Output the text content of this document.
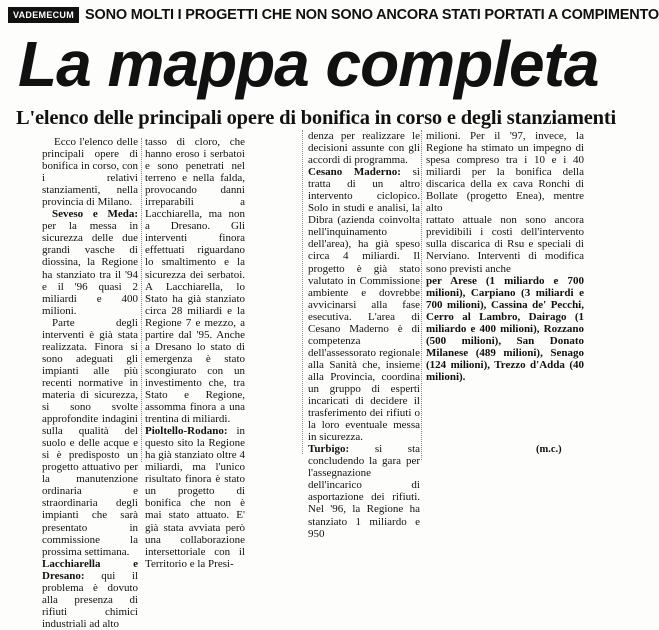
VADEMECUM SONO MOLTI I PROGETTI CHE NON SONO ANCORA STATI PORTATI A COMPIMENTO
La mappa completa
L'elenco delle principali opere di bonifica in corso e degli stanziamenti

Ecco l'elenco delle principali opere di bonifica in corso, con i relativi stanziamenti, nella provincia di Milano.

Seveso e Meda: per la messa in sicurezza delle due grandi vasche di diossina, la Regione ha stanziato tra il '94 e il '96 quasi 2 miliardi e 400 milioni.

Parte degli interventi è già stata realizzata. Finora si sono adeguati gli impianti alle più recenti normative in materia di sicurezza, si sono svolte approfondite indagini sulla qualità del suolo e delle acque e si è predisposto un progetto attuativo per la manutenzione ordinaria e straordinaria degli impianti che sarà presentato in commissione la prossima settimana.

Lacchiarella e Dresano: qui il problema è dovuto alla presenza di rifiuti chimici industriali ad alto

tasso di cloro, che hanno eroso i serbatoi e sono penetrati nel terreno e nella falda, provocando danni irreparabili a Lacchiarella, ma non a Dresano. Gli interventi finora effettuati riguardano lo smaltimento e la sicurezza dei serbatoi. A Lacchiarella, lo Stato ha già stanziato circa 28 miliardi e la Regione 7 e mezzo, a partire dal '95. Anche a Dresano lo stato di emergenza è stato scongiurato con un investimento che, tra Stato e Regione, assomma finora a una trentina di miliardi.

Pioltello-Rodano: in questo sito la Regione ha già stanziato oltre 4 miliardi, ma l'unico risultato finora è stato un progetto di bonifica che non è mai stato attuato. E' già stata avviata però una collaborazione intersettoriale con il Territorio e la Presi-

denza per realizzare le decisioni assunte con gli accordi di programma.

Cesano Maderno: si tratta di un altro intervento ciclopico. Solo in studi e analisi, la Dibra (azienda coinvolta nell'inquinamento dell'area), ha già speso circa 4 miliardi. Il progetto è già stato valutato in Commissione ambiente e dovrebbe avvicinarsi alla fase esecutiva. L'area di Cesano Maderno è di competenza dell'assessorato regionale alla Sanità che, insieme alla Provincia, coordina un gruppo di esperti incaricati di decidere il trasferimento dei rifiuti o la loro eventuale messa in sicurezza.

Turbigo: si sta concludendo la gara per l'assegnazione dell'incarico di asportazione dei rifiuti. Nel '96, la Regione ha stanziato 1 miliardo e 950

milioni. Per il '97, invece, la Regione ha stimato un impegno di spesa compreso tra i 10 e i 40 miliardi per la bonifica della discarica della ex cava Ronchi di Bollate (progetto Enea), mentre alto

rattato attuale non sono ancora previdibili i costi dell'intervento sulla discarica di Rsu e speciali di Nerviano. Interventi di modifica sono previsti anche

per Arese (1 miliardo e 700 milioni), Carpiano (3 miliardi e 700 milioni), Cassina de' Pecchi, Cerro al Lambro, Dairago (1 miliardo e 400 milioni), Rozzano (500 milioni), San Donato Milanese (489 milioni), Senago (124 milioni), Trezzo d'Adda (40 milioni).

(m.c.)
